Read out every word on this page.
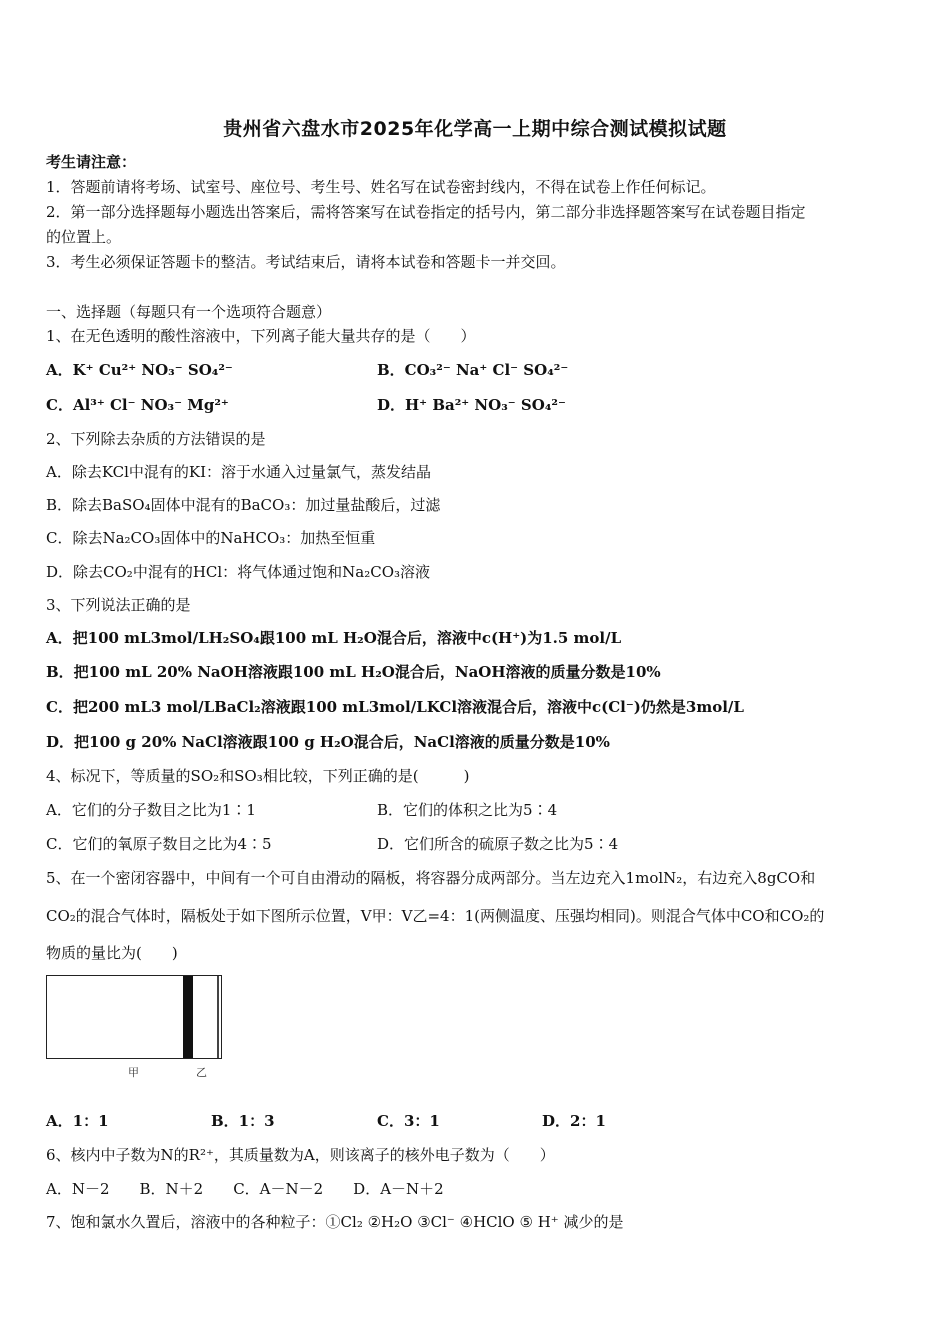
贵州省六盘水市2025年化学高一上期中综合测试模拟试题
考生请注意：
1．答题前请将考场、试室号、座位号、考生号、姓名写在试卷密封线内，不得在试卷上作任何标记。
2．第一部分选择题每小题选出答案后，需将答案写在试卷指定的括号内，第二部分非选择题答案写在试卷题目指定
的位置上。
3．考生必须保证答题卡的整洁。考试结束后，请将本试卷和答题卡一并交回。
一、选择题（每题只有一个选项符合题意）
1、在无色透明的酸性溶液中，下列离子能大量共存的是（　　）
A．K⁺ Cu²⁺ NO₃⁻ SO₄²⁻	B．CO₃²⁻ Na⁺ Cl⁻ SO₄²⁻
C．Al³⁺ Cl⁻ NO₃⁻ Mg²⁺	D．H⁺ Ba²⁺ NO₃⁻ SO₄²⁻
2、下列除去杂质的方法错误的是
A．除去KCl中混有的KI：溶于水通入过量氯气，蒸发结晶
B．除去BaSO₄固体中混有的BaCO₃：加过量盐酸后，过滤
C．除去Na₂CO₃固体中的NaHCO₃：加热至恒重
D．除去CO₂中混有的HCl：将气体通过饱和Na₂CO₃溶液
3、下列说法正确的是
A．把100 mL3mol/LH₂SO₄跟100 mL H₂O混合后，溶液中c(H⁺)为1.5 mol/L
B．把100 mL 20% NaOH溶液跟100 mL H₂O混合后，NaOH溶液的质量分数是10%
C．把200 mL3 mol/LBaCl₂溶液跟100 mL3mol/LKCl溶液混合后，溶液中c(Cl⁻)仍然是3mol/L
D．把100 g 20% NaCl溶液跟100 g H₂O混合后，NaCl溶液的质量分数是10%
4、标况下，等质量的SO₂和SO₃相比较，下列正确的是(　　　)
A．它们的分子数目之比为1∶1	B．它们的体积之比为5∶4
C．它们的氧原子数目之比为4∶5	D．它们所含的硫原子数之比为5∶4
5、在一个密闭容器中，中间有一个可自由滑动的隔板，将容器分成两部分。当左边充入1molN₂，右边充入8gCO和
CO₂的混合气体时，隔板处于如下图所示位置，V甲：V乙=4：1(两侧温度、压强均相同)。则混合气体中CO和CO₂的
物质的量比为(　　)
甲	乙
A．1：1	B．1：3	C．3：1	D．2：1
6、核内中子数为N的R²⁺，其质量数为A，则该离子的核外电子数为（　　）
A．N－2　　B．N＋2　　C．A－N－2　　D．A－N＋2
7、饱和氯水久置后，溶液中的各种粒子：①Cl₂ ②H₂O ③Cl⁻ ④HClO ⑤ H⁺ 减少的是
